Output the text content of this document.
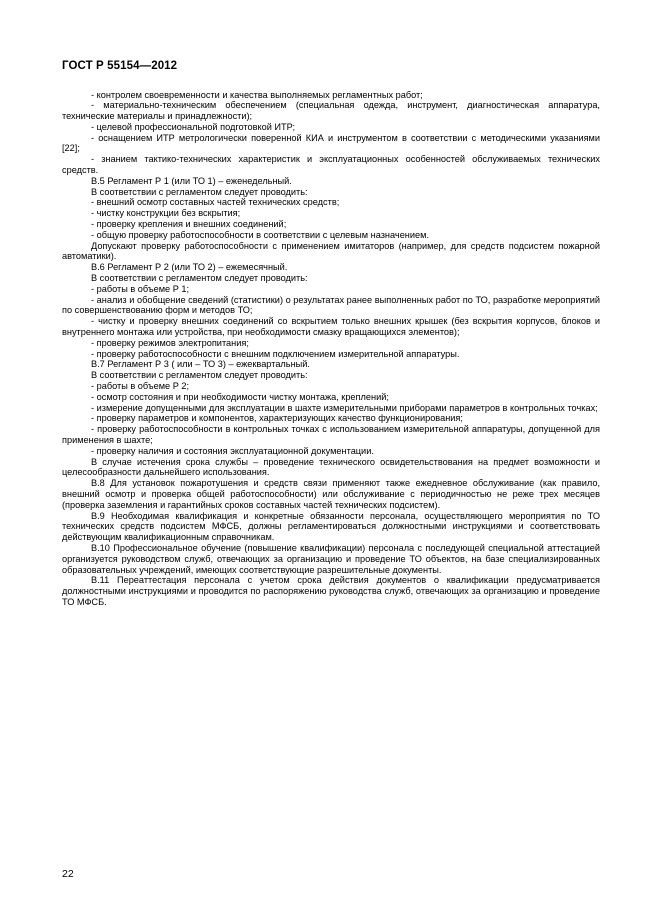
ГОСТ Р 55154—2012

- контролем своевременности и качества выполняемых регламентных работ;

- материально-техническим обеспечением (специальная одежда, инструмент, диагностическая аппаратура, технические материалы и принадлежности);

- целевой профессиональной подготовкой ИТР;

- оснащением ИТР метрологически поверенной КИА и инструментом в соответствии с методическими указаниями [22];

- знанием тактико-технических характеристик и эксплуатационных особенностей обслуживаемых технических средств.

В.5 Регламент Р 1 (или ТО 1) – еженедельный.

В соответствии с регламентом следует проводить:

- внешний осмотр составных частей технических средств;

- чистку конструкции без вскрытия;

- проверку крепления и внешних соединений;

- общую проверку работоспособности в соответствии с целевым назначением.

Допускают проверку работоспособности с применением имитаторов (например, для средств подсистем пожарной автоматики).

В.6 Регламент Р 2 (или ТО 2) – ежемесячный.

В соответствии с регламентом следует проводить:

- работы в объеме Р 1;

- анализ и обобщение сведений (статистики) о результатах ранее выполненных работ по ТО, разработке мероприятий по совершенствованию форм и методов ТО;

- чистку и проверку внешних соединений со вскрытием только внешних крышек (без вскрытия корпусов, блоков и внутреннего монтажа или устройства, при необходимости смазку вращающихся элементов);

- проверку режимов электропитания;

- проверку работоспособности с внешним подключением измерительной аппаратуры.

В.7 Регламент Р 3 ( или – ТО 3) – ежеквартальный.

В соответствии с регламентом следует проводить:

- работы в объеме Р 2;

- осмотр состояния и при необходимости чистку монтажа, креплений;

- измерение допущенными для эксплуатации в шахте измерительными приборами параметров в контрольных точках;

- проверку параметров и компонентов, характеризующих качество функционирования;

- проверку работоспособности в контрольных точках с использованием измерительной аппаратуры, допущенной для применения в шахте;

- проверку наличия и состояния эксплуатационной документации.

В случае истечения срока службы – проведение технического освидетельствования на предмет возможности и целесообразности дальнейшего использования.

В.8 Для установок пожаротушения и средств связи применяют также ежедневное обслуживание (как правило, внешний осмотр и проверка общей работоспособности) или обслуживание с периодичностью не реже трех месяцев (проверка заземления и гарантийных сроков составных частей технических подсистем).

В.9 Необходимая квалификация и конкретные обязанности персонала, осуществляющего мероприятия по ТО технических средств подсистем МФСБ, должны регламентироваться должностными инструкциями и соответствовать действующим квалификационным справочникам.

В.10 Профессиональное обучение (повышение квалификации) персонала с последующей специальной аттестацией организуется руководством служб, отвечающих за организацию и проведение ТО объектов, на базе специализированных образовательных учреждений, имеющих соответствующие разрешительные документы.

В.11 Переаттестация персонала с учетом срока действия документов о квалификации предусматривается должностными инструкциями и проводится по распоряжению руководства служб, отвечающих за организацию и проведение ТО МФСБ.

22
